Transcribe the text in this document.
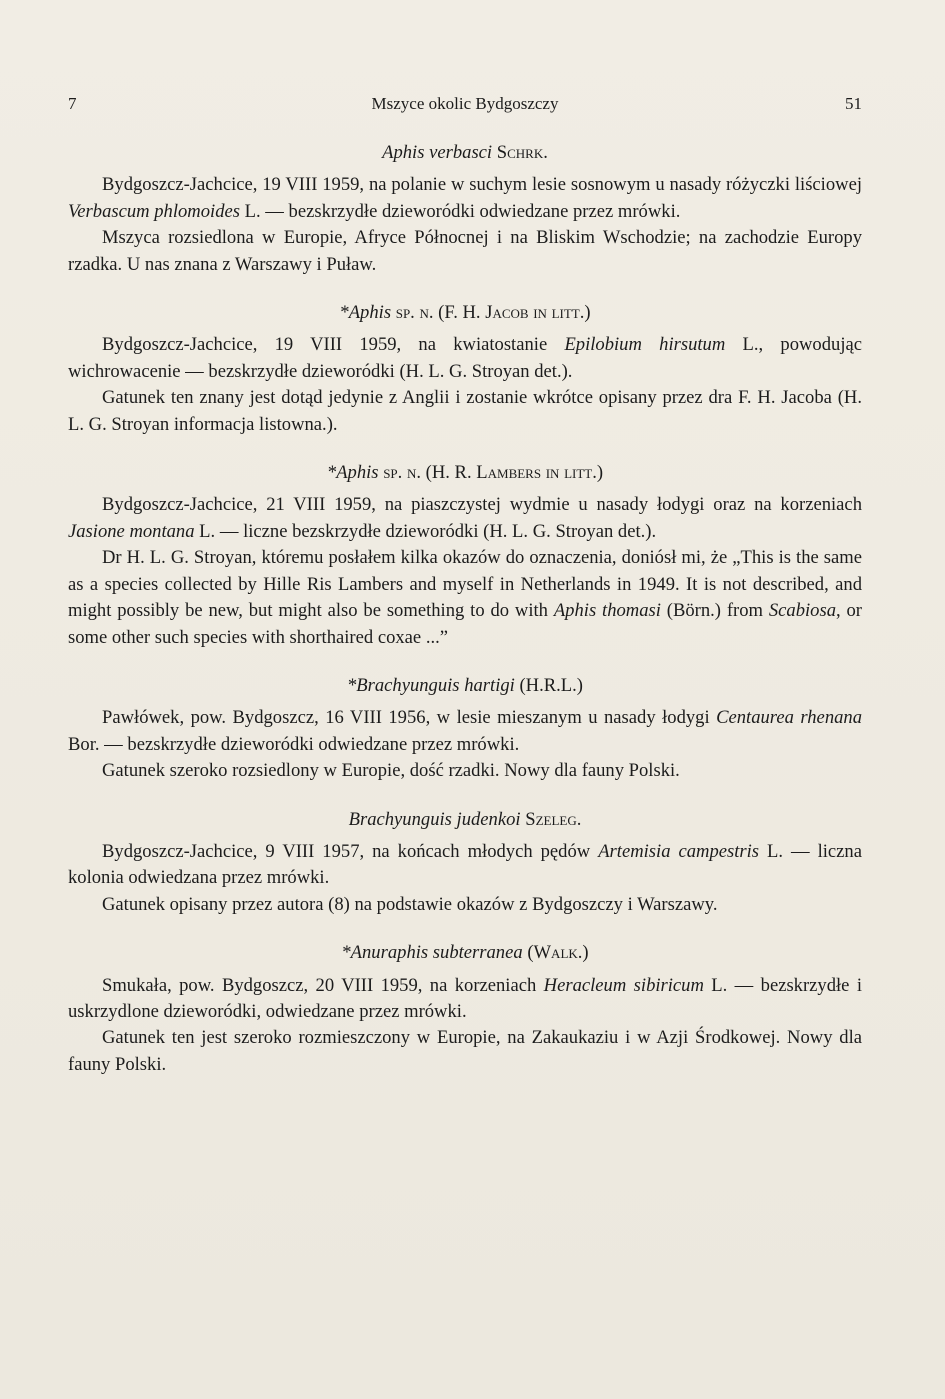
7	Mszyce okolic Bydgoszczy	51
Aphis verbasci Schrk.

Bydgoszcz-Jachcice, 19 VIII 1959, na polanie w suchym lesie sosnowym u nasady różyczki liściowej Verbascum phlomoides L. — bezskrzydłe dzieworódki odwiedzane przez mrówki.

Mszyca rozsiedlona w Europie, Afryce Północnej i na Bliskim Wschodzie; na zachodzie Europy rzadka. U nas znana z Warszawy i Puław.

*Aphis sp. n. (F. H. Jacob in litt.)

Bydgoszcz-Jachcice, 19 VIII 1959, na kwiatostanie Epilobium hirsutum L., powodując wichrowacenie — bezskrzydłe dzieworódki (H. L. G. Stroyan det.).

Gatunek ten znany jest dotąd jedynie z Anglii i zostanie wkrótce opisany przez dra F. H. Jacoba (H. L. G. Stroyan informacja listowna.).

*Aphis sp. n. (H. R. Lambers in litt.)

Bydgoszcz-Jachcice, 21 VIII 1959, na piaszczystej wydmie u nasady łodygi oraz na korzeniach Jasione montana L. — liczne bezskrzydłe dzieworódki (H. L. G. Stroyan det.).

Dr H. L. G. Stroyan, któremu posłałem kilka okazów do oznaczenia, doniósł mi, że „This is the same as a species collected by Hille Ris Lambers and myself in Netherlands in 1949. It is not described, and might possibly be new, but might also be something to do with Aphis thomasi (Börn.) from Scabiosa, or some other such species with shorthaired coxae ...”

*Brachyunguis hartigi (H.R.L.)

Pawłówek, pow. Bydgoszcz, 16 VIII 1956, w lesie mieszanym u nasady łodygi Centaurea rhenana Bor. — bezskrzydłe dzieworódki odwiedzane przez mrówki.

Gatunek szeroko rozsiedlony w Europie, dość rzadki. Nowy dla fauny Polski.

Brachyunguis judenkoi Szeleg.

Bydgoszcz-Jachcice, 9 VIII 1957, na końcach młodych pędów Artemisia campestris L. — liczna kolonia odwiedzana przez mrówki.

Gatunek opisany przez autora (8) na podstawie okazów z Bydgoszczy i Warszawy.

*Anuraphis subterranea (Walk.)

Smukała, pow. Bydgoszcz, 20 VIII 1959, na korzeniach Heracleum sibiricum L. — bezskrzydłe i uskrzydlone dzieworódki, odwiedzane przez mrówki.

Gatunek ten jest szeroko rozmieszczony w Europie, na Zakaukaziu i w Azji Środkowej. Nowy dla fauny Polski.
